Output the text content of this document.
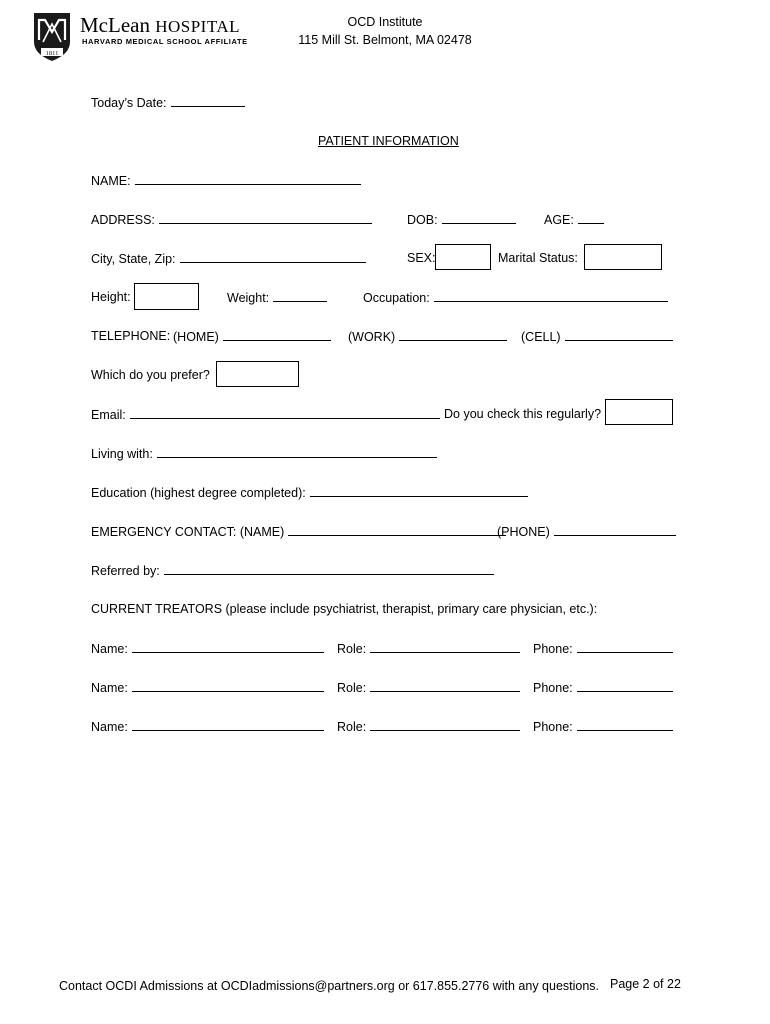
1811
McLean HOSPITAL
HARVARD MEDICAL SCHOOL AFFILIATE
OCD Institute
115 Mill St. Belmont, MA 02478
Today’s Date:
PATIENT INFORMATION
NAME:
ADDRESS:	DOB:	AGE:
City, State, Zip:	SEX:	Marital Status:
Height:	Weight:	Occupation:
TELEPHONE: (HOME)	(WORK)	(CELL)
Which do you prefer?
Email:	Do you check this regularly?
Living with:
Education (highest degree completed):
EMERGENCY CONTACT: (NAME)	(PHONE)
Referred by:
CURRENT TREATORS (please include psychiatrist, therapist, primary care physician, etc.):
Name:	Role:	Phone:
Name:	Role:	Phone:
Name:	Role:	Phone:
Contact OCDI Admissions at OCDIadmissions@partners.org or 617.855.2776 with any questions. Page 2 of 22
